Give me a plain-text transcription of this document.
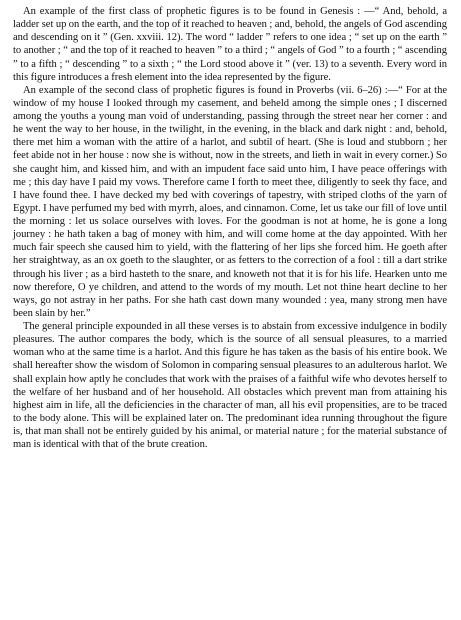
An example of the first class of prophetic figures is to be found in Genesis : —“ And, behold, a ladder set up on the earth, and the top of it reached to heaven ; and, behold, the angels of God ascending and descending on it ” (Gen. xxviii. 12). The word “ ladder ” refers to one idea ; “ set up on the earth ” to another ; “ and the top of it reached to heaven ” to a third ; “ angels of God ” to a fourth ; “ ascending ” to a fifth ; “ descending ” to a sixth ; “ the Lord stood above it ” (ver. 13) to a seventh. Every word in this figure introduces a fresh element into the idea represented by the figure.

An example of the second class of prophetic figures is found in Proverbs (vii. 6–26) :—“ For at the window of my house I looked through my casement, and beheld among the simple ones ; I discerned among the youths a young man void of understanding, passing through the street near her corner : and he went the way to her house, in the twilight, in the evening, in the black and dark night : and, behold, there met him a woman with the attire of a harlot, and subtil of heart. (She is loud and stubborn ; her feet abide not in her house : now she is without, now in the streets, and lieth in wait in every corner.) So she caught him, and kissed him, and with an impudent face said unto him, I have peace offerings with me ; this day have I paid my vows. Therefore came I forth to meet thee, diligently to seek thy face, and I have found thee. I have decked my bed with coverings of tapestry, with striped cloths of the yarn of Egypt. I have perfumed my bed with myrrh, aloes, and cinnamon. Come, let us take our fill of love until the morning : let us solace ourselves with loves. For the goodman is not at home, he is gone a long journey : he hath taken a bag of money with him, and will come home at the day appointed. With her much fair speech she caused him to yield, with the flattering of her lips she forced him. He goeth after her straightway, as an ox goeth to the slaughter, or as fetters to the correction of a fool : till a dart strike through his liver ; as a bird hasteth to the snare, and knoweth not that it is for his life. Hearken unto me now therefore, O ye children, and attend to the words of my mouth. Let not thine heart decline to her ways, go not astray in her paths. For she hath cast down many wounded : yea, many strong men have been slain by her.”

The general principle expounded in all these verses is to abstain from excessive indulgence in bodily pleasures. The author compares the body, which is the source of all sensual pleasures, to a married woman who at the same time is a harlot. And this figure he has taken as the basis of his entire book. We shall hereafter show the wisdom of Solomon in comparing sensual pleasures to an adulterous harlot. We shall explain how aptly he concludes that work with the praises of a faithful wife who devotes herself to the welfare of her husband and of her household. All obstacles which prevent man from attaining his highest aim in life, all the deficiencies in the character of man, all his evil propensities, are to be traced to the body alone. This will be explained later on. The predominant idea running throughout the figure is, that man shall not be entirely guided by his animal, or material nature ; for the material substance of man is identical with that of the brute creation.
